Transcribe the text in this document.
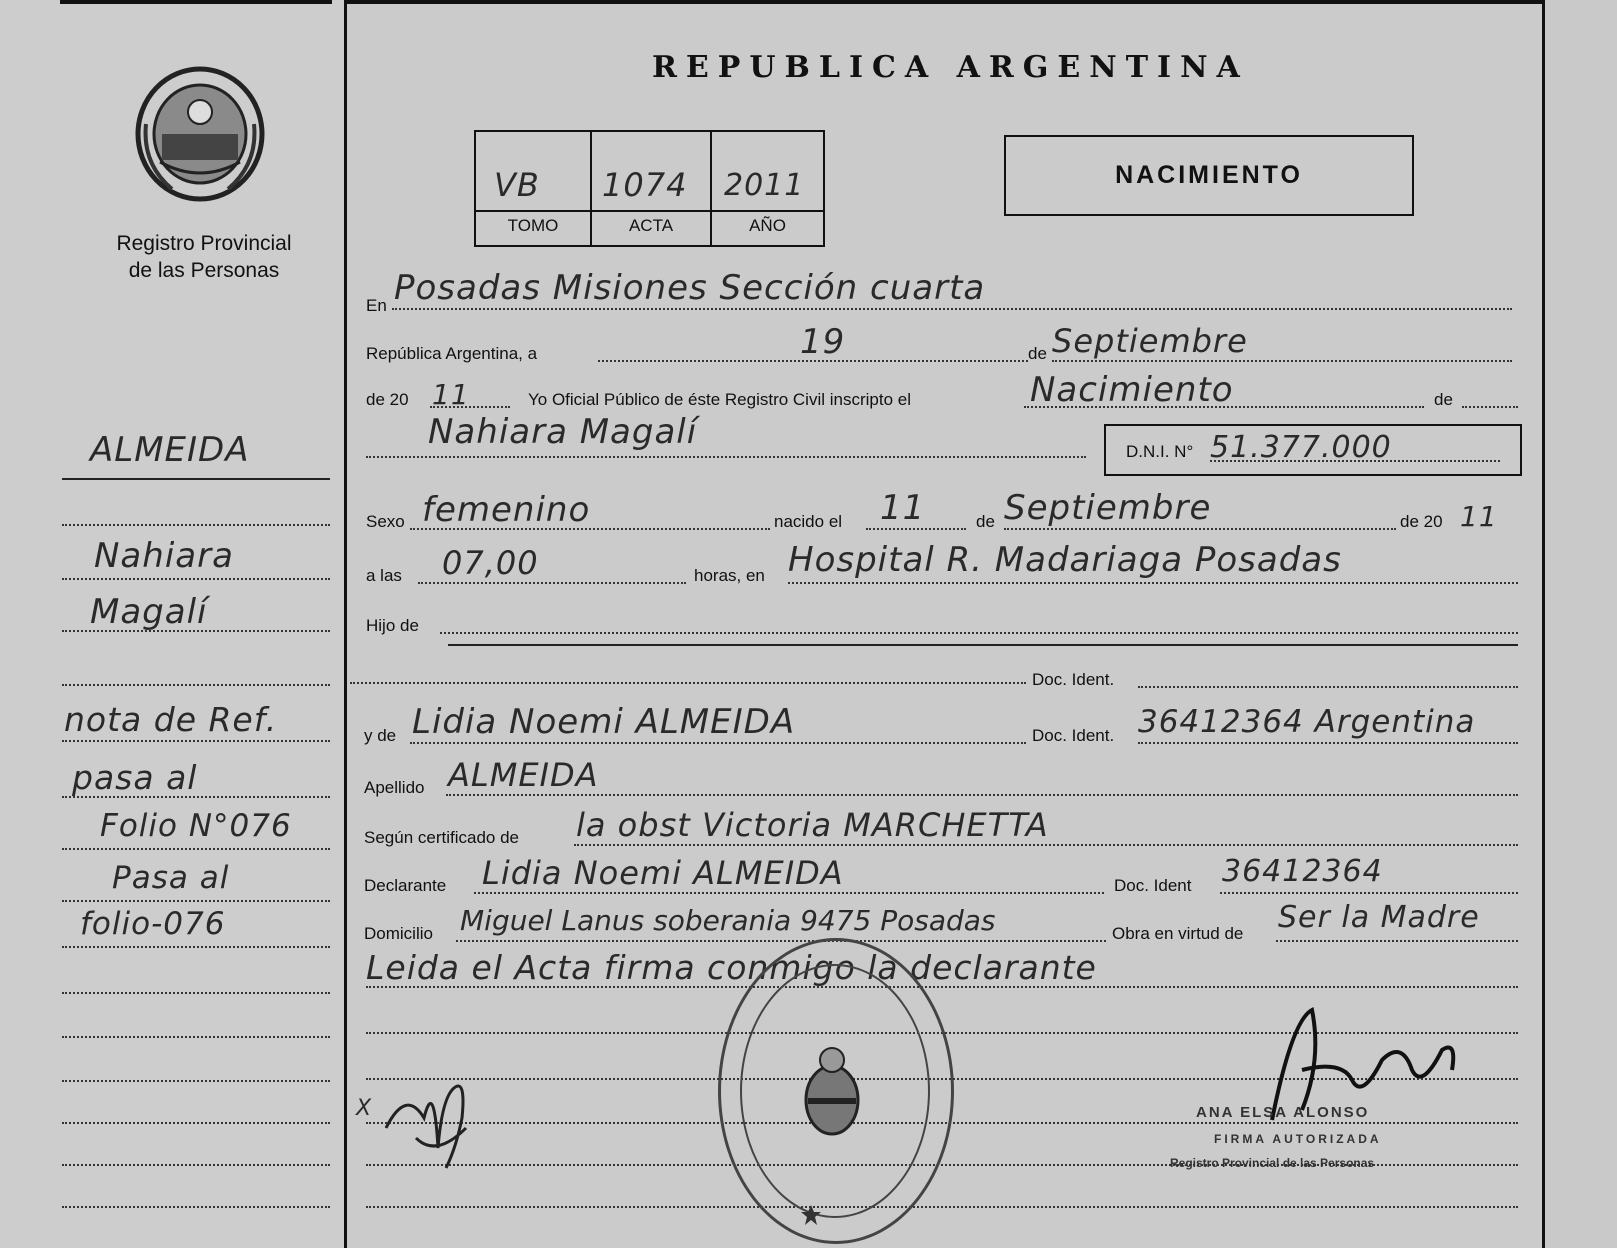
Registro Provincial
de las Personas
REPUBLICA ARGENTINA
VB 1074 2011
TOMO	ACTA	AÑO
NACIMIENTO
ALMEIDA
Nahiara
Magalí
nota de Ref.
pasa al
Folio N°076
Pasa al
folio-076
En Posadas Misiones Sección cuarta
República Argentina, a	19	de Septiembre
de 20 11	Yo Oficial Público de éste Registro Civil inscripto el	Nacimiento	de
Nahiara Magalí	D.N.I. N° 51.377.000
Sexo femenino	nacido el 11	de Septiembre	de 20 11
a las 07,00	horas, en Hospital R. Madariaga Posadas
Hijo de
Doc. Ident.
y de Lidia Noemi ALMEIDA	Doc. Ident. 36412364 Argentina
Apellido ALMEIDA
Según certificado de la obst Victoria MARCHETTA
Declarante Lidia Noemi ALMEIDA	Doc. Ident 36412364
Domicilio Miguel Lanus soberania 9475 Posadas	Obra en virtud de Ser la Madre
Leida el Acta firma conmigo la declarante
X	ANA ELSA ALONSO
FIRMA AUTORIZADA
Registro Provincial de las Personas
